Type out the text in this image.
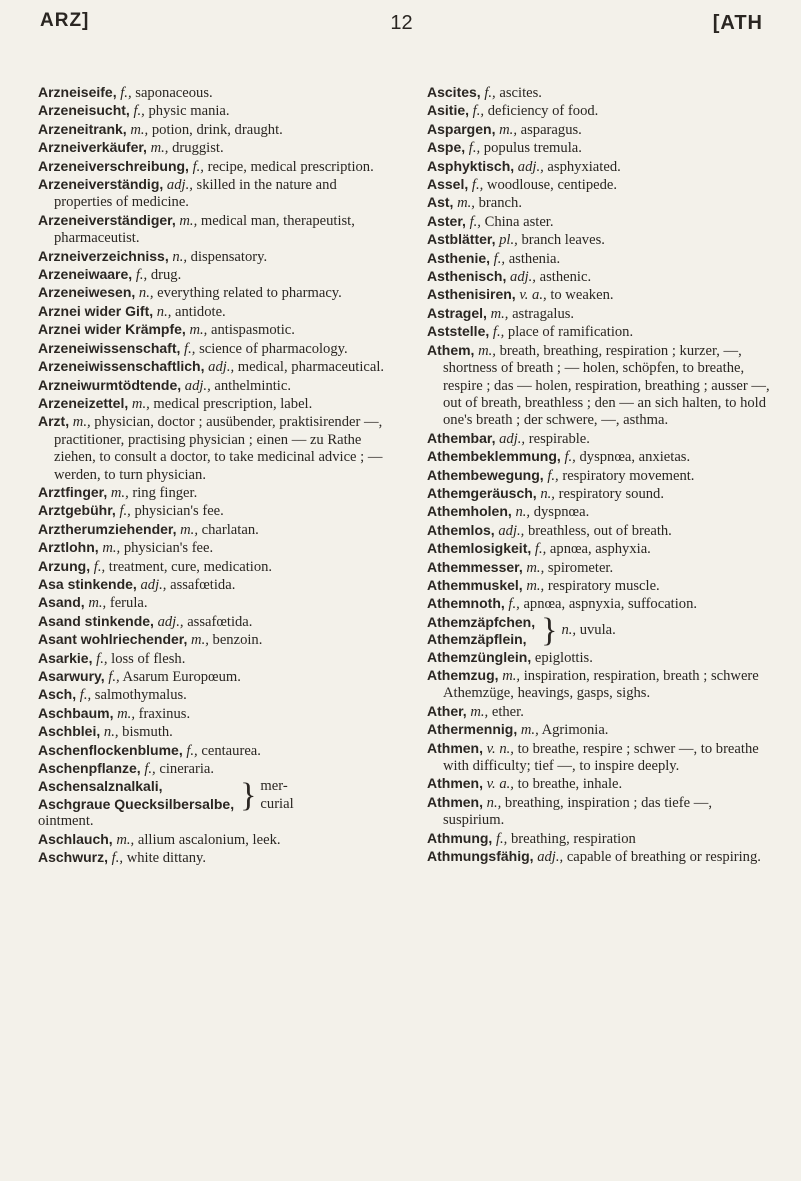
ARZ]	12	[ATH

Arzneiseife, f., saponaceous.

Arzeneisucht, f., physic mania.

Arzeneitrank, m., potion, drink, draught.

Arzneiverkäufer, m., druggist.

Arzeneiverschreibung, f., recipe, medical prescription.

Arzeneiverständig, adj., skilled in the nature and properties of medicine.

Arzeneiverständiger, m., medical man, therapeutist, pharmaceutist.

Arzneiverzeichniss, n., dispensatory.

Arzeneiwaare, f., drug.

Arzeneiwesen, n., everything related to pharmacy.

Arznei wider Gift, n., antidote.

Arznei wider Krämpfe, m., antispasmotic.

Arzeneiwissenschaft, f., science of pharmacology.

Arzeneiwissenschaftlich, adj., medical, pharmaceutical.

Arzneiwurmtödtende, adj., anthelmintic.

Arzeneizettel, m., medical prescription, label.

Arzt, m., physician, doctor ; ausübender, praktisirender —, practitioner, practising physician ; einen — zu Rathe ziehen, to consult a doctor, to take medicinal advice ; —werden, to turn physician.

Arztfinger, m., ring finger.

Arztgebühr, f., physician's fee.

Arztherumziehender, m., charlatan.

Arztlohn, m., physician's fee.

Arzung, f., treatment, cure, medication.

Asa stinkende, adj., assafœtida.

Asand, m., ferula.

Asand stinkende, adj., assafœtida.

Asant wohlriechender, m., benzoin.

Asarkie, f., loss of flesh.

Asarwury, f., Asarum Europœum.

Asch, f., salmothymalus.

Aschbaum, m., fraxinus.

Aschblei, n., bismuth.

Aschenflockenblume, f., centaurea.

Aschenpflanze, f., cineraria.

Aschensalznalkali,
Aschgraue Quecksilbersalbe, } mer-
curial

ointment.

Aschlauch, m., allium ascalonium, leek.

Aschwurz, f., white dittany.

Ascites, f., ascites.

Asitie, f., deficiency of food.

Aspargen, m., asparagus.

Aspe, f., populus tremula.

Asphyktisch, adj., asphyxiated.

Assel, f., woodlouse, centipede.

Ast, m., branch.

Aster, f., China aster.

Astblätter, pl., branch leaves.

Asthenie, f., asthenia.

Asthenisch, adj., asthenic.

Asthenisiren, v. a., to weaken.

Astragel, m., astragalus.

Aststelle, f., place of ramification.

Athem, m., breath, breathing, respiration ; kurzer, —, shortness of breath ; — holen, schöpfen, to breathe, respire ; das — holen, respiration, breathing ; ausser —, out of breath, breathless ; den — an sich halten, to hold one's breath ; der schwere, —, asthma.

Athembar, adj., respirable.

Athembeklemmung, f., dyspnœa, anxietas.

Athembewegung, f., respiratory movement.

Athemgeräusch, n., respiratory sound.

Athemholen, n., dyspnœa.

Athemlos, adj., breathless, out of breath.

Athemlosigkeit, f., apnœa, asphyxia.

Athemmesser, m., spirometer.

Athemmuskel, m., respiratory muscle.

Athemnoth, f., apnœa, aspnyxia, suffocation.

Athemzäpfchen,
Athemzäpflein, } n., uvula.

Athemzünglein, epiglottis.

Athemzug, m., inspiration, respiration, breath ; schwere Athemzüge, heavings, gasps, sighs.

Ather, m., ether.

Athermennig, m., Agrimonia.

Athmen, v. n., to breathe, respire ; schwer —, to breathe with difficulty; tief —, to inspire deeply.

Athmen, v. a., to breathe, inhale.

Athmen, n., breathing, inspiration ; das tiefe —, suspirium.

Athmung, f., breathing, respiration

Athmungsfähig, adj., capable of breathing or respiring.
